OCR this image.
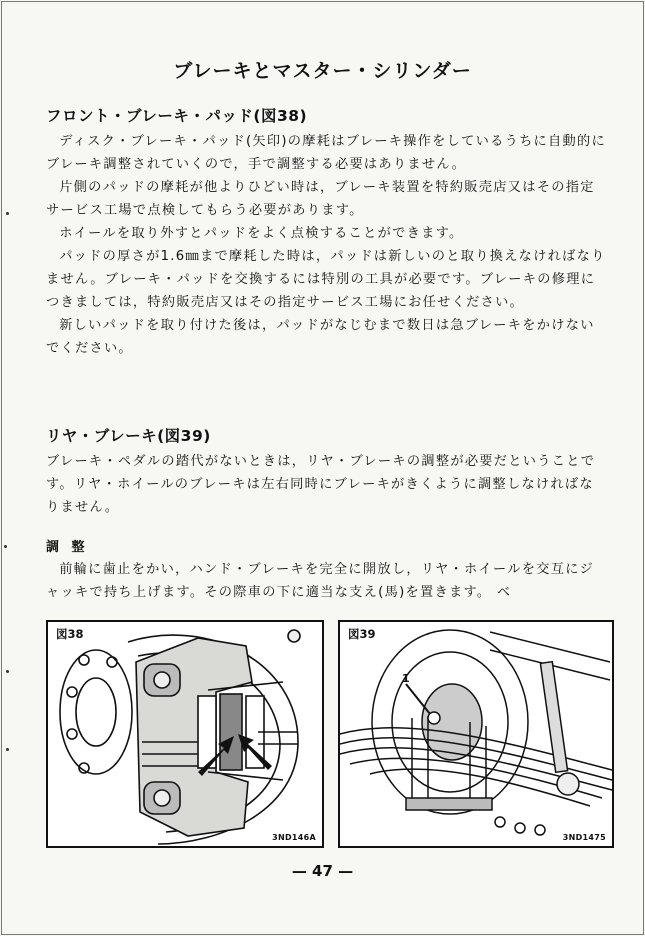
ブレーキとマスター・シリンダー
フロント・ブレーキ・パッド(図38)

ディスク・ブレーキ・パッド(矢印)の摩耗はブレーキ操作をしているうちに自動的にブレーキ調整されていくので，手で調整する必要はありません。

片側のパッドの摩耗が他よりひどい時は，ブレーキ装置を特約販売店又はその指定サービス工場で点検してもらう必要があります。

ホイールを取り外すとパッドをよく点検することができます。

パッドの厚さが1.6㎜まで摩耗した時は，パッドは新しいのと取り換えなければなりません。ブレーキ・パッドを交換するには特別の工具が必要です。ブレーキの修理につきましては，特約販売店又はその指定サービス工場にお任せください。

新しいパッドを取り付けた後は，パッドがなじむまで数日は急ブレーキをかけないでください。

リヤ・ブレーキ(図39)

ブレーキ・ペダルの踏代がないときは，リヤ・ブレーキの調整が必要だということです。リヤ・ホイールのブレーキは左右同時にブレーキがきくように調整しなければなりません。

調 整

前輪に歯止をかい，ハンド・ブレーキを完全に開放し，リヤ・ホイールを交互にジャッキで持ち上げます。その際車の下に適当な支え(馬)を置きます。 ベ

図38
3ND146A
図39
1
3ND1475
— 47 —
